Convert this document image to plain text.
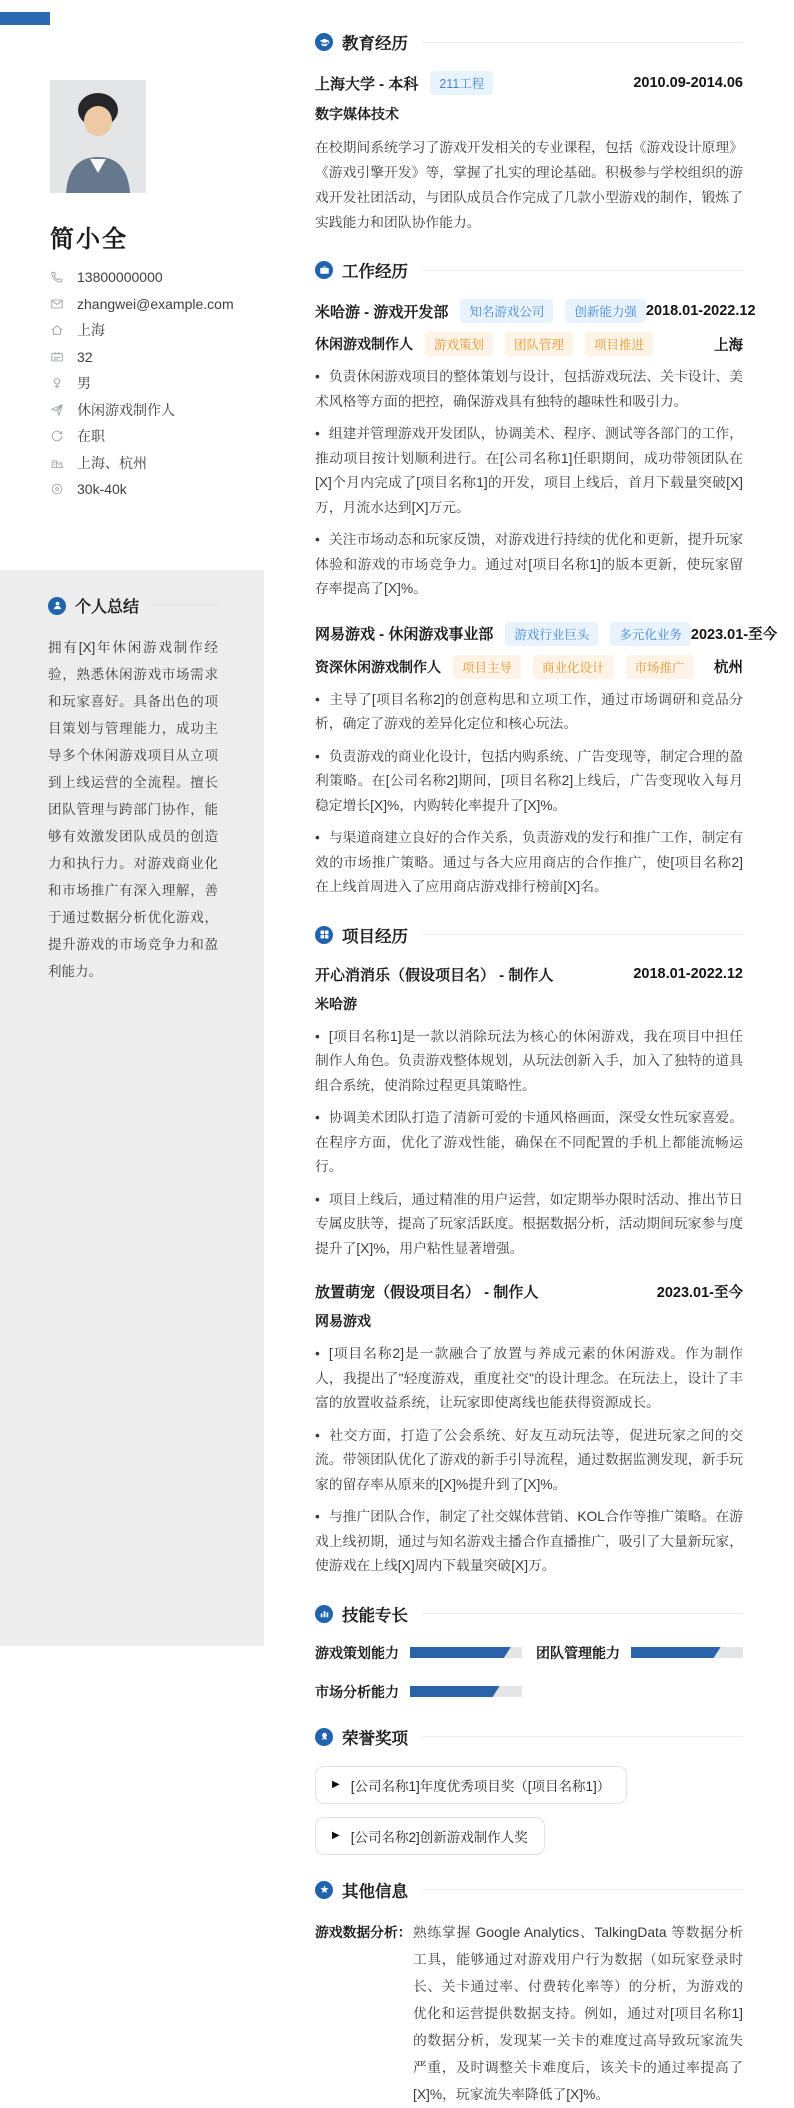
简小全
13800000000
zhangwei@example.com
上海
32
男
休闲游戏制作人
在职
上海、杭州
30k-40k
个人总结

拥有[X]年休闲游戏制作经验，熟悉休闲游戏市场需求和玩家喜好。具备出色的项目策划与管理能力，成功主导多个休闲游戏项目从立项到上线运营的全流程。擅长团队管理与跨部门协作，能够有效激发团队成员的创造力和执行力。对游戏商业化和市场推广有深入理解，善于通过数据分析优化游戏，提升游戏的市场竞争力和盈利能力。

教育经历
上海大学 - 本科	211工程	2010.09-2014.06
数字媒体技术

在校期间系统学习了游戏开发相关的专业课程，包括《游戏设计原理》《游戏引擎开发》等，掌握了扎实的理论基础。积极参与学校组织的游戏开发社团活动，与团队成员合作完成了几款小型游戏的制作，锻炼了实践能力和团队协作能力。

工作经历
米哈游 - 游戏开发部	知名游戏公司	创新能力强 2018.01-2022.12
休闲游戏制作人	游戏策划	团队管理	项目推进	上海

• 负责休闲游戏项目的整体策划与设计，包括游戏玩法、关卡设计、美术风格等方面的把控，确保游戏具有独特的趣味性和吸引力。

• 组建并管理游戏开发团队，协调美术、程序、测试等各部门的工作，推动项目按计划顺利进行。在[公司名称1]任职期间，成功带领团队在[X]个月内完成了[项目名称1]的开发，项目上线后，首月下载量突破[X]万，月流水达到[X]万元。

• 关注市场动态和玩家反馈，对游戏进行持续的优化和更新，提升玩家体验和游戏的市场竞争力。通过对[项目名称1]的版本更新，使玩家留存率提高了[X]%。

网易游戏 - 休闲游戏事业部	游戏行业巨头	多元化业务 2023.01-至今
资深休闲游戏制作人	项目主导	商业化设计	市场推广	杭州

• 主导了[项目名称2]的创意构思和立项工作，通过市场调研和竞品分析，确定了游戏的差异化定位和核心玩法。

• 负责游戏的商业化设计，包括内购系统、广告变现等，制定合理的盈利策略。在[公司名称2]期间，[项目名称2]上线后，广告变现收入每月稳定增长[X]%，内购转化率提升了[X]%。

• 与渠道商建立良好的合作关系，负责游戏的发行和推广工作，制定有效的市场推广策略。通过与各大应用商店的合作推广，使[项目名称2]在上线首周进入了应用商店游戏排行榜前[X]名。

项目经历
开心消消乐（假设项目名） - 制作人	2018.01-2022.12
米哈游

• [项目名称1]是一款以消除玩法为核心的休闲游戏，我在项目中担任制作人角色。负责游戏整体规划，从玩法创新入手，加入了独特的道具组合系统，使消除过程更具策略性。

• 协调美术团队打造了清新可爱的卡通风格画面，深受女性玩家喜爱。在程序方面，优化了游戏性能，确保在不同配置的手机上都能流畅运行。

• 项目上线后，通过精准的用户运营，如定期举办限时活动、推出节日专属皮肤等，提高了玩家活跃度。根据数据分析，活动期间玩家参与度提升了[X]%，用户粘性显著增强。

放置萌宠（假设项目名） - 制作人	2023.01-至今
网易游戏

• [项目名称2]是一款融合了放置与养成元素的休闲游戏。作为制作人，我提出了"轻度游戏，重度社交"的设计理念。在玩法上，设计了丰富的放置收益系统，让玩家即使离线也能获得资源成长。

• 社交方面，打造了公会系统、好友互动玩法等，促进玩家之间的交流。带领团队优化了游戏的新手引导流程，通过数据监测发现，新手玩家的留存率从原来的[X]%提升到了[X]%。

• 与推广团队合作，制定了社交媒体营销、KOL合作等推广策略。在游戏上线初期，通过与知名游戏主播合作直播推广，吸引了大量新玩家，使游戏在上线[X]周内下载量突破[X]万。

技能专长
游戏策划能力	团队管理能力
市场分析能力
荣誉奖项
▶ [公司名称1]年度优秀项目奖（[项目名称1]）
▶ [公司名称2]创新游戏制作人奖
其他信息
游戏数据分析： 熟练掌握 Google Analytics、TalkingData 等数据分析工具，能够通过对游戏用户行为数据（如玩家登录时长、关卡通过率、付费转化率等）的分析，为游戏的优化和运营提供数据支持。例如，通过对[项目名称1]的数据分析，发现某一关卡的难度过高导致玩家流失严重，及时调整关卡难度后，该关卡的通过率提高了[X]%，玩家流失率降低了[X]%。
